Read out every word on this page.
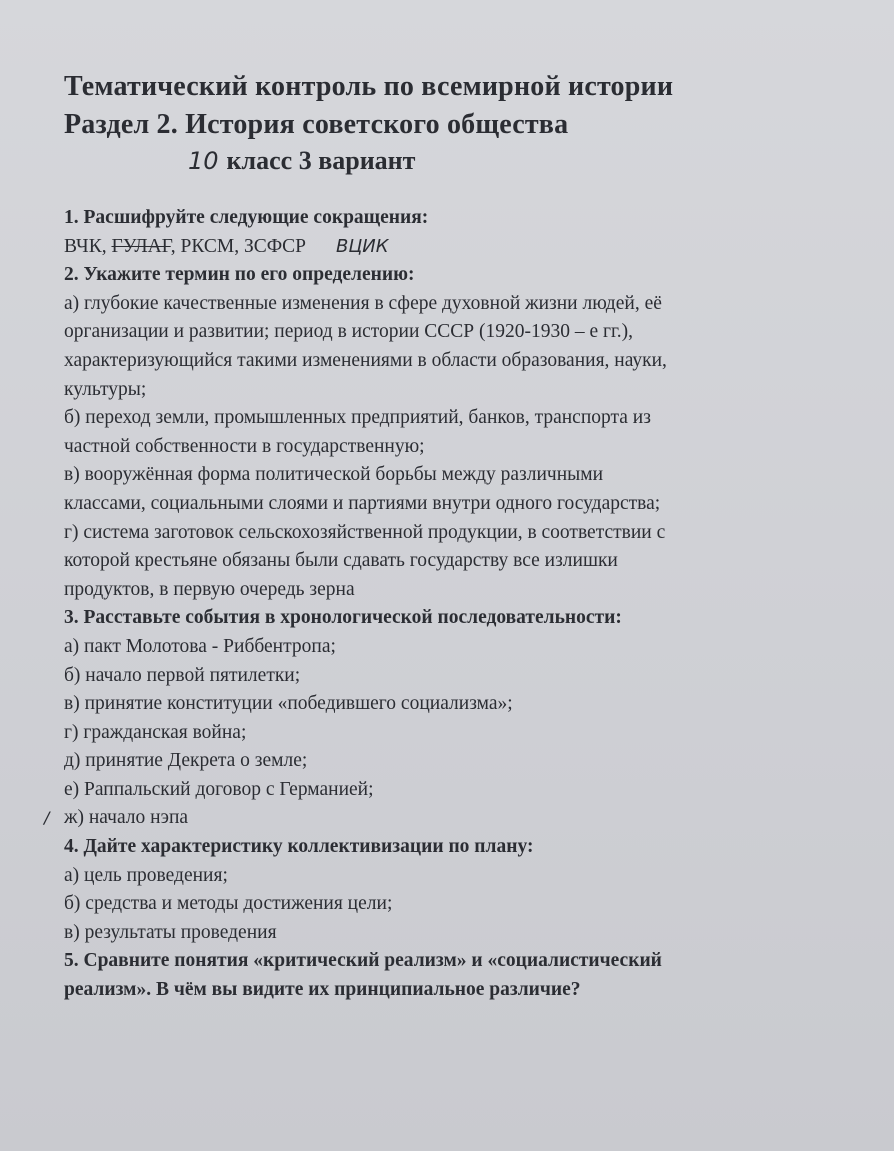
Тематический контроль по всемирной истории

Раздел 2. История советского общества

10 класс 3 вариант

1. Расшифруйте следующие сокращения:

ВЧК, ГУЛАГ, РКСМ, ЗСФСР ВЦИК

2. Укажите термин по его определению:

а) глубокие качественные изменения в сфере духовной жизни людей, её

организации и развитии; период в истории СССР (1920-1930 – е гг.),

характеризующийся такими изменениями в области образования, науки,

культуры;

б) переход земли, промышленных предприятий, банков, транспорта из

частной собственности в государственную;

в) вооружённая форма политической борьбы между различными

классами, социальными слоями и партиями внутри одного государства;

г) система заготовок сельскохозяйственной продукции, в соответствии с

которой крестьяне обязаны были сдавать государству все излишки

продуктов, в первую очередь зерна

3. Расставьте события в хронологической последовательности:

а) пакт Молотова - Риббентропа;

б) начало первой пятилетки;

в) принятие конституции «победившего социализма»;

г) гражданская война;

д) принятие Декрета о земле;

е) Раппальский договор с Германией;

/ ж) начало нэпа

4. Дайте характеристику коллективизации по плану:

а) цель проведения;

б) средства и методы достижения цели;

в) результаты проведения

5. Сравните понятия «критический реализм» и «социалистический

реализм». В чём вы видите их принципиальное различие?
